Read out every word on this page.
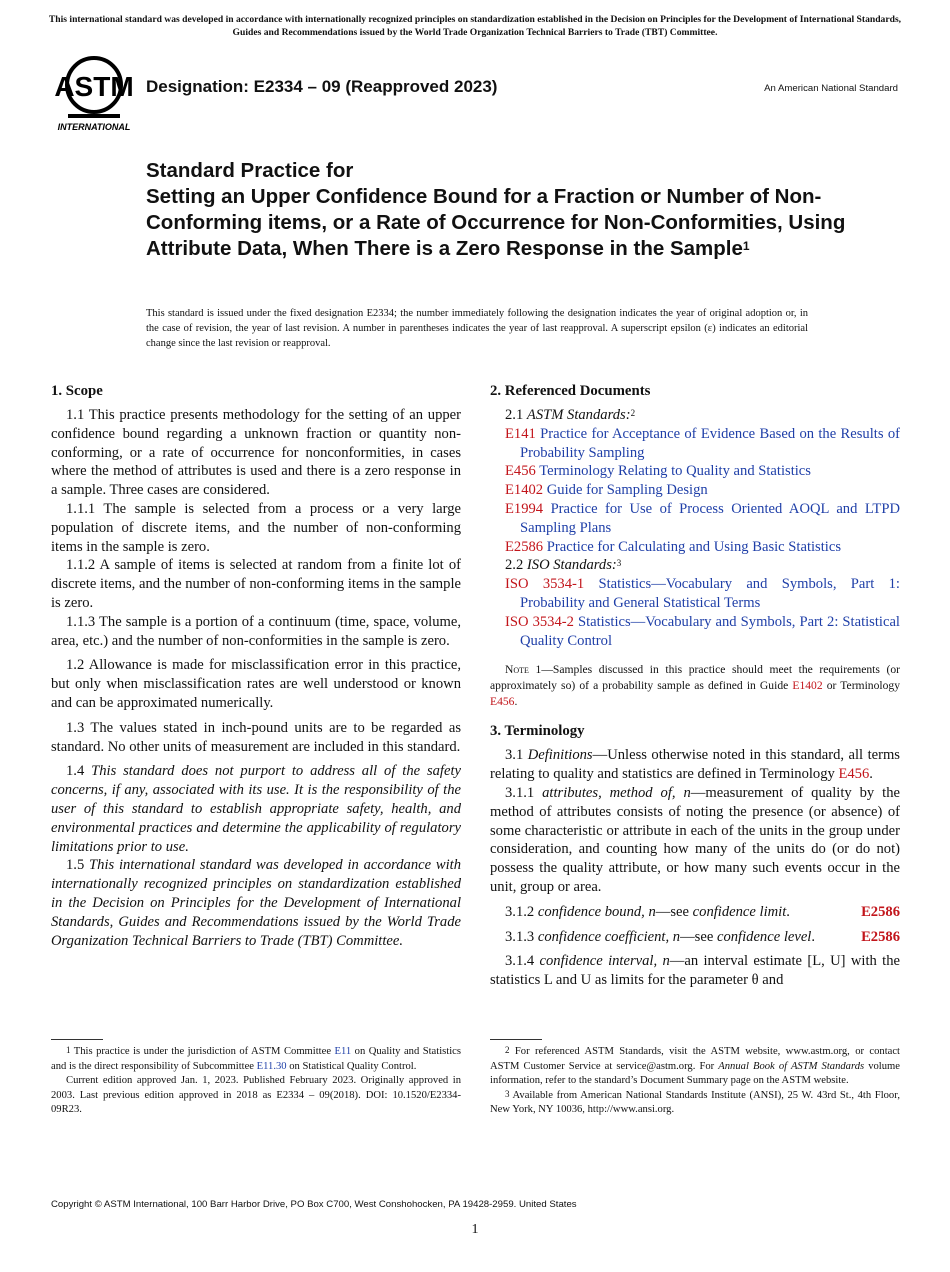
This international standard was developed in accordance with internationally recognized principles on standardization established in the Decision on Principles for the Development of International Standards, Guides and Recommendations issued by the World Trade Organization Technical Barriers to Trade (TBT) Committee.
ASTM
INTERNATIONAL
Designation: E2334 – 09 (Reapproved 2023)	An American National Standard
Standard Practice for
Setting an Upper Confidence Bound for a Fraction or Number of Non-Conforming items, or a Rate of Occurrence for Non-Conformities, Using Attribute Data, When There is a Zero Response in the Sample$^1$
This standard is issued under the fixed designation E2334; the number immediately following the designation indicates the year of original adoption or, in the case of revision, the year of last revision. A number in parentheses indicates the year of last reapproval. A superscript epsilon (ε) indicates an editorial change since the last revision or reapproval.
1. Scope

1.1 This practice presents methodology for the setting of an upper confidence bound regarding a unknown fraction or quantity non-conforming, or a rate of occurrence for nonconformities, in cases where the method of attributes is used and there is a zero response in a sample. Three cases are considered.

1.1.1 The sample is selected from a process or a very large population of discrete items, and the number of non-conforming items in the sample is zero.

1.1.2 A sample of items is selected at random from a finite lot of discrete items, and the number of non-conforming items in the sample is zero.

1.1.3 The sample is a portion of a continuum (time, space, volume, area, etc.) and the number of non-conformities in the sample is zero.

1.2 Allowance is made for misclassification error in this practice, but only when misclassification rates are well understood or known and can be approximated numerically.

1.3 The values stated in inch-pound units are to be regarded as standard. No other units of measurement are included in this standard.

1.4 This standard does not purport to address all of the safety concerns, if any, associated with its use. It is the responsibility of the user of this standard to establish appropriate safety, health, and environmental practices and determine the applicability of regulatory limitations prior to use.

1.5 This international standard was developed in accordance with internationally recognized principles on standardization established in the Decision on Principles for the Development of International Standards, Guides and Recommendations issued by the World Trade Organization Technical Barriers to Trade (TBT) Committee.

2. Referenced Documents

2.1 ASTM Standards:$^2$

E141 Practice for Acceptance of Evidence Based on the Results of Probability Sampling

E456 Terminology Relating to Quality and Statistics

E1402 Guide for Sampling Design

E1994 Practice for Use of Process Oriented AOQL and LTPD Sampling Plans

E2586 Practice for Calculating and Using Basic Statistics

2.2 ISO Standards:$^3$

ISO 3534-1 Statistics—Vocabulary and Symbols, Part 1: Probability and General Statistical Terms

ISO 3534-2 Statistics—Vocabulary and Symbols, Part 2: Statistical Quality Control

Note 1—Samples discussed in this practice should meet the requirements (or approximately so) of a probability sample as defined in Guide E1402 or Terminology E456.

3. Terminology

3.1 Definitions—Unless otherwise noted in this standard, all terms relating to quality and statistics are defined in Terminology E456.

3.1.1 attributes, method of, n—measurement of quality by the method of attributes consists of noting the presence (or absence) of some characteristic or attribute in each of the units in the group under consideration, and counting how many of the units do (or do not) possess the quality attribute, or how many such events occur in the unit, group or area.

3.1.2 confidence bound, n—see confidence limit.	E2586

3.1.3 confidence coefficient, n—see confidence level.	E2586

3.1.4 confidence interval, n—an interval estimate [L, U] with the statistics L and U as limits for the parameter θ and

$^1$ This practice is under the jurisdiction of ASTM Committee E11 on Quality and Statistics and is the direct responsibility of Subcommittee E11.30 on Statistical Quality Control.

Current edition approved Jan. 1, 2023. Published February 2023. Originally approved in 2003. Last previous edition approved in 2018 as E2334 – 09(2018). DOI: 10.1520/E2334-09R23.

$^2$ For referenced ASTM Standards, visit the ASTM website, www.astm.org, or contact ASTM Customer Service at service@astm.org. For Annual Book of ASTM Standards volume information, refer to the standard’s Document Summary page on the ASTM website.

$^3$ Available from American National Standards Institute (ANSI), 25 W. 43rd St., 4th Floor, New York, NY 10036, http://www.ansi.org.

Copyright © ASTM International, 100 Barr Harbor Drive, PO Box C700, West Conshohocken, PA 19428-2959. United States
1
